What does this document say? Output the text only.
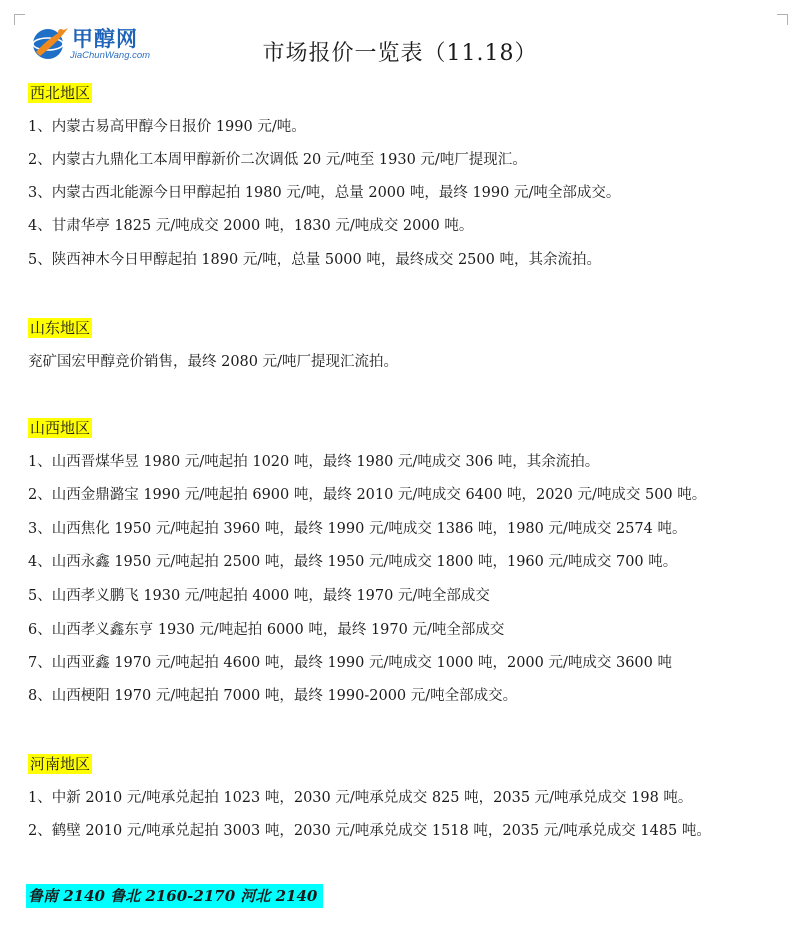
甲醇网
JiaChunWang.com	市场报价一览表（11.18）
西北地区
1、内蒙古易高甲醇今日报价 1990 元/吨。
2、内蒙古九鼎化工本周甲醇新价二次调低 20 元/吨至 1930 元/吨厂提现汇。
3、内蒙古西北能源今日甲醇起拍 1980 元/吨，总量 2000 吨，最终 1990 元/吨全部成交。
4、甘肃华亭 1825 元/吨成交 2000 吨，1830 元/吨成交 2000 吨。
5、陕西神木今日甲醇起拍 1890 元/吨，总量 5000 吨，最终成交 2500 吨，其余流拍。
山东地区
兖矿国宏甲醇竞价销售，最终 2080 元/吨厂提现汇流拍。
山西地区
1、山西晋煤华昱 1980 元/吨起拍 1020 吨，最终 1980 元/吨成交 306 吨，其余流拍。
2、山西金鼎潞宝 1990 元/吨起拍 6900 吨，最终 2010 元/吨成交 6400 吨，2020 元/吨成交 500 吨。
3、山西焦化 1950 元/吨起拍 3960 吨，最终 1990 元/吨成交 1386 吨，1980 元/吨成交 2574 吨。
4、山西永鑫 1950 元/吨起拍 2500 吨，最终 1950 元/吨成交 1800 吨，1960 元/吨成交 700 吨。
5、山西孝义鹏飞 1930 元/吨起拍 4000 吨，最终 1970 元/吨全部成交
6、山西孝义鑫东亨 1930 元/吨起拍 6000 吨，最终 1970 元/吨全部成交
7、山西亚鑫 1970 元/吨起拍 4600 吨，最终 1990 元/吨成交 1000 吨，2000 元/吨成交 3600 吨
8、山西梗阳 1970 元/吨起拍 7000 吨，最终 1990-2000 元/吨全部成交。
河南地区
1、中新 2010 元/吨承兑起拍 1023 吨，2030 元/吨承兑成交 825 吨，2035 元/吨承兑成交 198 吨。
2、鹤壁 2010 元/吨承兑起拍 3003 吨，2030 元/吨承兑成交 1518 吨，2035 元/吨承兑成交 1485 吨。
鲁南 2140 鲁北 2160-2170 河北 2140
